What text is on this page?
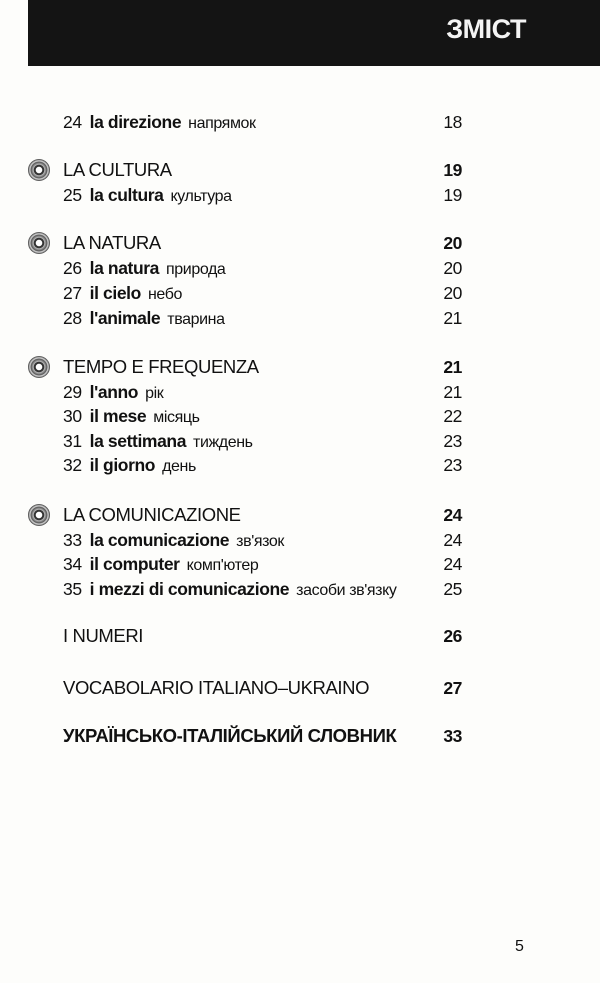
ЗМІСТ
24 la direzione напрямок	18
LA CULTURA	19
25 la cultura культура	19
LA NATURA	20
26 la natura природа	20
27 il cielo небо	20
28 l'animale тварина	21
TEMPO E FREQUENZA	21
29 l'anno рік	21
30 il mese місяць	22
31 la settimana тиждень	23
32 il giorno день	23
LA COMUNICAZIONE	24
33 la comunicazione зв'язок	24
34 il computer комп'ютер	24
35 i mezzi di comunicazione засоби зв'язку	25
I NUMERI	26
VOCABOLARIO ITALIANO–UKRAINO	27
УКРАЇНСЬКО-ІТАЛІЙСЬКИЙ СЛОВНИК	33
5
